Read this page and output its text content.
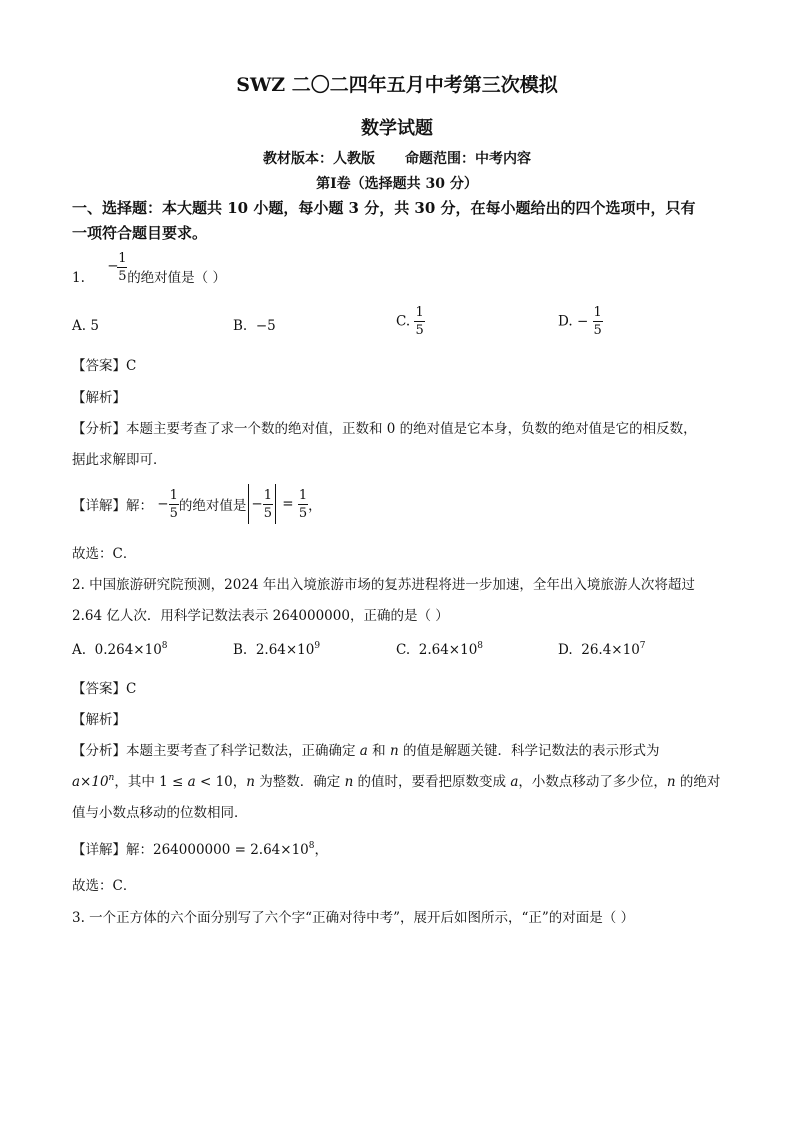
SWZ 二〇二四年五月中考第三次模拟
数学试题
教材版本：人教版 命题范围：中考内容
第Ⅰ卷（选择题共 30 分）
一、选择题：本大题共 10 小题，每小题 3 分，共 30 分，在每小题给出的四个选项中，只有
一项符合题目要求。
1.
− 1
5 的绝对值是（ ）
A. 5	B. −5	C. $\frac{1}{5}$	D. − $\frac{1}{5}$
【答案】C
【解析】
【分析】本题主要考查了求一个数的绝对值，正数和 0 的绝对值是它本身，负数的绝对值是它的相反数，
据此求解即可．
【详解】解： − $\frac{1}{5}$ 的绝对值是 − $\frac{1}{5} = \frac{1}{5}$ ，
故选：C．
2. 中国旅游研究院预测，2024 年出入境旅游市场的复苏进程将进一步加速，全年出入境旅游人次将超过
2.64 亿人次．用科学记数法表示 264000000，正确的是（ ）
A. $0.264\times 10^8$	B. $2.64\times 10^9$	C. $2.64\times 10^8$	D. $26.4\times 10^7$
【答案】C
【解析】
【分析】本题主要考查了科学记数法，正确确定 a 和 n 的值是解题关键．科学记数法的表示形式为
$a\times 10^n$，其中 1 ≤ a < 10，n 为整数．确定 n 的值时，要看把原数变成 a，小数点移动了多少位，n 的绝对
值与小数点移动的位数相同．
【详解】解：$264000000 = 2.64\times 10^8$，
故选：C．
3. 一个正方体的六个面分别写了六个字“正确对待中考”，展开后如图所示，“正”的对面是（ ）
